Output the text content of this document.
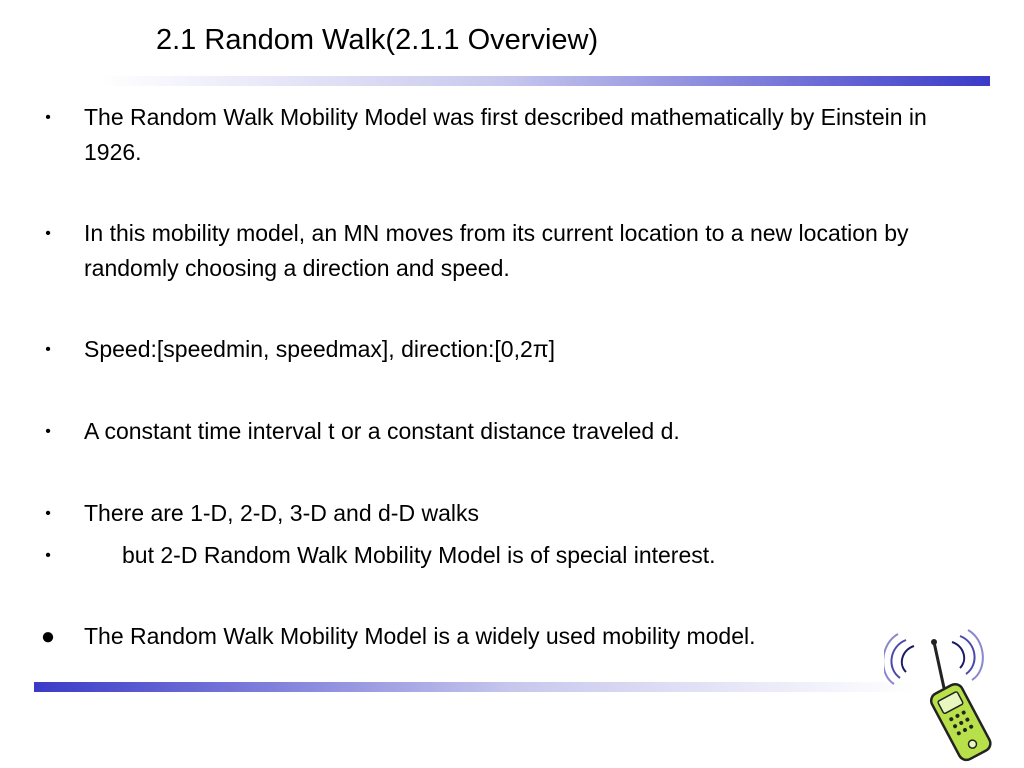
2.1 Random Walk(2.1.1 Overview)
• The Random Walk Mobility Model was first described mathematically by Einstein in 1926.
• In this mobility model, an MN moves from its current location to a new location by randomly choosing a direction and speed.
• Speed:[speedmin, speedmax], direction:[0,2π]
• A constant time interval t or a constant distance traveled d.
• There are 1-D, 2-D, 3-D and d-D walks
•	but 2-D Random Walk Mobility Model is of special interest.
● The Random Walk Mobility Model is a widely used mobility model.
